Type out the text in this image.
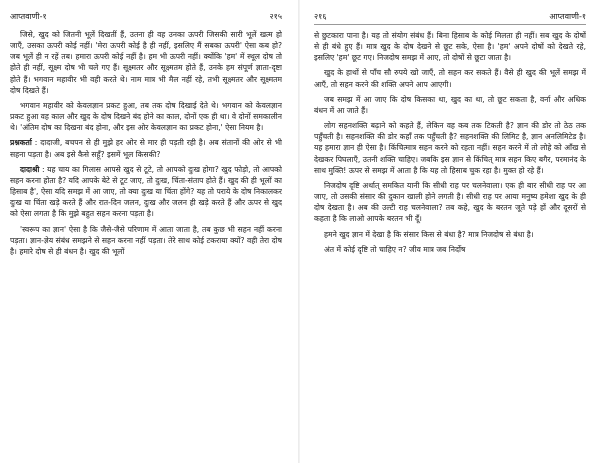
आप्तवाणी-१	२१५

जिसे, खुद को जितनी भूलें दिखतीं हैं, उतना ही वह उनका ऊपरी जिसकी सारी भूलें खत्म हो जाएँ, उसका ऊपरी कोई नहीं। 'मेरा ऊपरी कोई है ही नहीं, इसलिए मैं सबका ऊपरी' ऐसा कब हो? जब भूलें ही न रहें तब। हमारा ऊपरी कोई नहीं है। हम भी ऊपरी नहीं। क्योंकि 'हम' में स्थूल दोष तो होते ही नहीं, सूक्ष्म दोष भी चले गए हैं। सूक्ष्मतर और सूक्ष्मतम होते हैं, उनके हम संपूर्ण ज्ञाता-दृष्टा होते हैं। भगवान महावीर भी वही करते थे। नाम मात्र भी मैल नहीं रहे, तभी सूक्ष्मतर और सूक्ष्मतम दोष दिखते हैं।

भगवान महावीर को केवलज्ञान प्रकट हुआ, तब तक दोष दिखाई देते थे। भगवान को केवलज्ञान प्रकट हुआ वह काल और खुद के दोष दिखने बंद होने का काल, दोनों एक ही था। वे दोनों समकालीन थे। 'अंतिम दोष का दिखना बंद होना, और इस ओर केवलज्ञान का प्रकट होना,' ऐसा नियम है।

प्रश्नकर्ता : दादाजी, बचपन से ही मुझे हर ओर से मार ही पड़ती रही है। अब संतानों की ओर से भी सहना पड़ता है। अब इसे कैसे सहूँ? इसमें भूल किसकी?

दादाश्री : यह चाय का गिलास आपसे खुद से टूटे, तो आपको दुःख होगा? खुद फोड़ो, तो आपको सहन करना होता है? यदि आपके बेटे से टूट जाए, तो दुःख, चिंता-संताप होते हैं। खुद की ही भूलों का हिसाब है', ऐसा यदि समझ में आ जाए, तो क्या दुःख या चिंता होंगे? यह तो पराये के दोष निकालकर दुःख या चिंता खड़े करते हैं और रात-दिन जलन, दुःख और जलन ही खड़े करते हैं और ऊपर से खुद को ऐसा लगता है कि मुझे बहुत सहन करना पड़ता है।

'स्वरूप का ज्ञान' ऐसा है कि जैसे-जैसे परिणाम में आता जाता है, तब कुछ भी सहन नहीं करना पड़ता। ज्ञान-ज्ञेय संबंध समझने से सहन करना नहीं पड़ता। तेरे साथ कोई टकराया क्यों? वही तेरा दोष है। हमारे दोष से ही बंधन है। खुद की भूलों

२१६	आप्तवाणी-१

से छुटकारा पाना है। यह तो संयोग संबंध हैं। बिना हिसाब के कोई मिलता ही नहीं। सब खुद के दोषों से ही बंधे हुए हैं। मात्र खुद के दोष देखने से छूट सके, ऐसा है। 'हम' अपने दोषों को देखते रहे, इसलिए 'हम' छूट गए। निजदोष समझ में आए, तो दोषों से छूटा जाता है।

खुद के हाथों से पाँच सौ रुपये खो जाएँ, तो सहन कर सकते हैं। वैसे ही खुद की भूलें समझ में आएँ, तो सहन करने की शक्ति अपने आप आएगी।

जब समझ में आ जाए कि दोष किसका था, खुद का था, तो छूट सकता है, वर्ना और अधिक बंधन में आ जाते हैं।

लोग सहनशक्ति बढ़ाने को कहते हैं, लेकिन वह कब तक टिकती है? ज्ञान की डोर तो ठेठ तक पहुँचती है। सहनशक्ति की डोर कहाँ तक पहुँचती है? सहनशक्ति की लिमिट है, ज्ञान अनलिमिटेड है। यह हमारा ज्ञान ही ऐसा है। किंचित्मात्र सहन करने को रहता नहीं। सहन करने में तो लोहे को आँख से देखकर पिघलाएँ, उतनी शक्ति चाहिए। जबकि इस ज्ञान से किंचित् मात्र सहन किए बगैर, परमानंद के साथ मुक्ति! ऊपर से समझ में आता है कि यह तो हिसाब चुक रहा है। मुक्त हो रहे हैं।

निजदोष दृष्टि अर्थात् समकित यानी कि सीधी राह पर चलनेवाला। एक ही बार सीधी राह पर आ जाए, तो उसकी संसार की दुकान खाली होने लगती है। सीधी राह पर आया मनुष्य हमेशा खुद के ही दोष देखता है। अब की उल्टी राह चलनेवाला? तब कहे, खुद के बरतन जूते पड़े हों और दूसरों से कहता है कि लाओ आपके बरतन भी दूँ।

हमने खुद ज्ञान में देखा है कि संसार किस से बंधा है? मात्र निजदोष से बंधा है।

अंत में कोई दृष्टि तो चाहिए न? जीव मात्र जब निर्दोष
